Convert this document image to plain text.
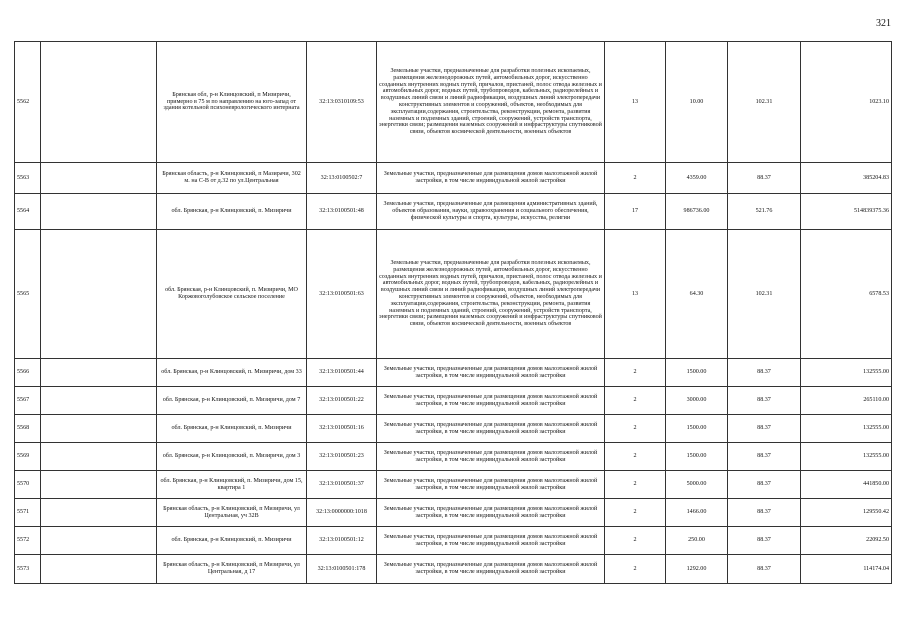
321
5562		Брянская обл, р-н Клинцовский, п Мизиричи, примерно в 75 м по направлению на юго-запад от здания котельной психоневрологического интерната	32:13:0310109:53	Земельные участки, предназначенные для разработки полезных ископаемых, размещения железнодорожных путей, автомобильных дорог, искусственно созданных внутренних водных путей, причалов, пристаней, полос отвода железных и автомобильных дорог, водных путей, трубопроводов, кабельных, радиорелейных и воздушных линий связи и линий радиофикации, воздушных линий электропередачи конструктивных элементов и сооружений, объектов, необходимых для эксплуатации,содержания, строительства, реконструкции, ремонта, развития наземных и подземных зданий, строений, сооружений, устройств транспорта, энергетики связи; размещения наземных сооружений и инфраструктуры спутниковой связи, объектов космической деятельности, военных объектов	13	10.00	102.31	1023.10
5563		Брянская область, р-н Клинцовский, п Мазирачи, 302 м. на С-В от д.32 по ул.Центральная	32:13:0100502:7	Земельные участки, предназначенные для размещения домов малоэтажной жилой застройки, в том числе индивидуальной жилой застройки	2	4359.00	88.37	385204.83
5564		обл. Брянская, р-н Клинцовский, п. Мизиричи	32:13:0100501:48	Земельные участки, предназначенные для размещения административных зданий, объектов образования, науки, здравоохранения и социального обеспечения, физической культуры и спорта, культуры, искусства, религии	17	986736.00	521.76	514839375.36
5565		обл. Брянская, р-н Клинцовский, п. Мизиричи, МО Коржовоголубовское сельское поселение	32:13:0100501:63	Земельные участки, предназначенные для разработки полезных ископаемых, размещения железнодорожных путей, автомобильных дорог, искусственно созданных внутренних водных путей, причалов, пристаней, полос отвода железных и автомобильных дорог, водных путей, трубопроводов, кабельных, радиорелейных и воздушных линий связи и линий радиофикации, воздушных линий электропередачи конструктивных элементов и сооружений, объектов, необходимых для эксплуатации,содержания, строительства, реконструкции, ремонта, развития наземных и подземных зданий, строений, сооружений, устройств транспорта, энергетики связи; размещения наземных сооружений и инфраструктуры спутниковой связи, объектов космической деятельности, военных объектов	13	64.30	102.31	6578.53
5566		обл. Брянская, р-н Клинцовский, п. Мизиричи, дом 33	32:13:0100501:44	Земельные участки, предназначенные для размещения домов малоэтажной жилой застройки, в том числе индивидуальной жилой застройки	2	1500.00	88.37	132555.00
5567		обл. Брянская, р-н Клинцовский, п. Мизиричи, дом 7	32:13:0100501:22	Земельные участки, предназначенные для размещения домов малоэтажной жилой застройки, в том числе индивидуальной жилой застройки	2	3000.00	88.37	265110.00
5568		обл. Брянская, р-н Клинцовский, п. Мизиричи	32:13:0100501:16	Земельные участки, предназначенные для размещения домов малоэтажной жилой застройки, в том числе индивидуальной жилой застройки	2	1500.00	88.37	132555.00
5569		обл. Брянская, р-н Клинцовский, п. Мизиричи, дом 3	32:13:0100501:23	Земельные участки, предназначенные для размещения домов малоэтажной жилой застройки, в том числе индивидуальной жилой застройки	2	1500.00	88.37	132555.00
5570		обл. Брянская, р-н Клинцовский, п. Мизиричи, дом 15, квартира 1	32:13:0100501:37	Земельные участки, предназначенные для размещения домов малоэтажной жилой застройки, в том числе индивидуальной жилой застройки	2	5000.00	88.37	441850.00
5571		Брянская область, р-н Клинцовский, п Мизиричи, ул Центральная, уч 32В	32:13:0000000:1018	Земельные участки, предназначенные для размещения домов малоэтажной жилой застройки, в том числе индивидуальной жилой застройки	2	1466.00	88.37	129550.42
5572		обл. Брянская, р-н Клинцовский, п. Мизиричи	32:13:0100501:12	Земельные участки, предназначенные для размещения домов малоэтажной жилой застройки, в том числе индивидуальной жилой застройки	2	250.00	88.37	22092.50
5573		Брянская область, р-н Клинцовский, п Мизиричи, ул Центральная, д 17	32:13:0100501:178	Земельные участки, предназначенные для размещения домов малоэтажной жилой застройки, в том числе индивидуальной жилой застройки	2	1292.00	88.37	114174.04
